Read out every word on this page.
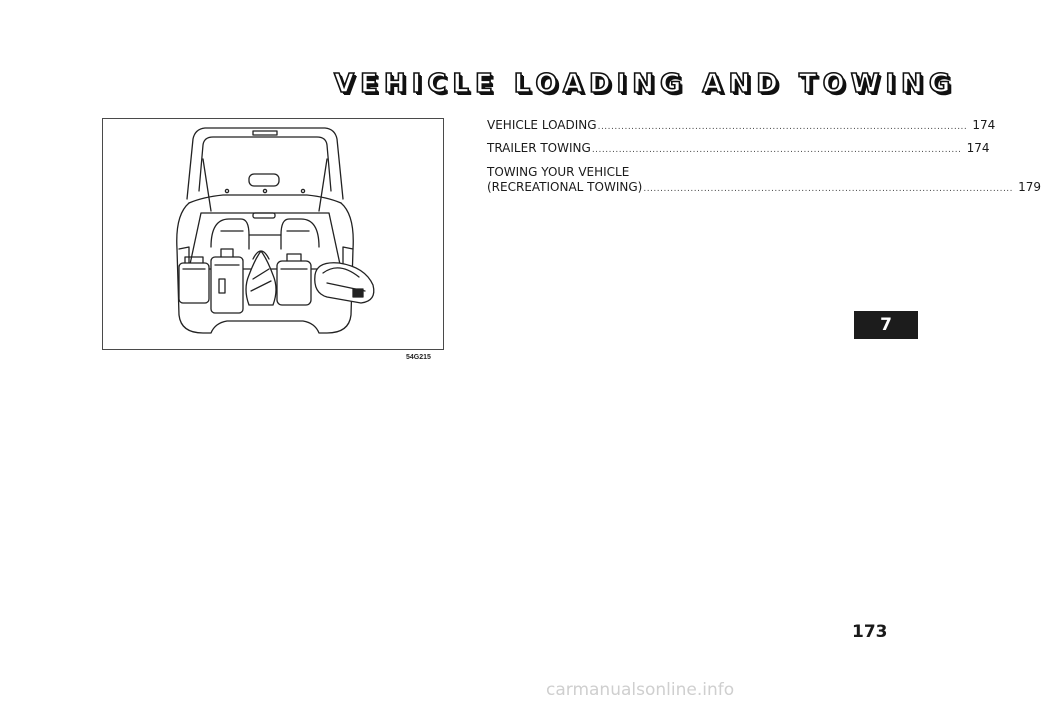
VEHICLE LOADING AND TOWING
54G215
VEHICLE LOADING .............................................................................................................. 174
TRAILER TOWING .............................................................................................................. 174
TOWING YOUR VEHICLE
(RECREATIONAL TOWING) .............................................................................................................. 179
7
173
carmanualsonline.info
